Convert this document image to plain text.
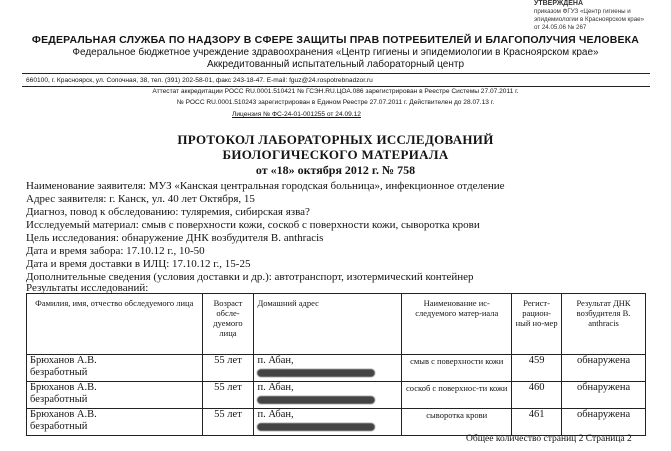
УТВЕРЖДЕНА
приказом ФГУЗ «Центр гигиены и
эпидемиологии в Красноярском крае»
от 24.05.06 № 267
ФЕДЕРАЛЬНАЯ СЛУЖБА ПО НАДЗОРУ В СФЕРЕ ЗАЩИТЫ ПРАВ ПОТРЕБИТЕЛЕЙ И БЛАГОПОЛУЧИЯ ЧЕЛОВЕКА
Федеральное бюджетное учреждение здравоохранения «Центр гигиены и эпидемиологии в Красноярском крае»
Аккредитованный испытательный лабораторный центр
660100, г. Красноярск, ул. Сопочная, 38, тел. (391) 202-58-01, факс 243-18-47. E-mail: fguz@24.rospotrebnadzor.ru
Аттестат аккредитации РОСС RU.0001.510421 № ГСЭН.RU.ЦОА.086 зарегистрирован в Реестре Системы 27.07.2011 г.
№ РОСС RU.0001.510243 зарегистрирован в Едином Реестре 27.07.2011 г. Действителен до 28.07.13 г.
Лицензия № ФС-24-01-001255 от 24.09.12
ПРОТОКОЛ ЛАБОРАТОРНЫХ ИССЛЕДОВАНИЙ
БИОЛОГИЧЕСКОГО МАТЕРИАЛА
от «18» октября 2012 г. № 758
Наименование заявителя: МУЗ «Канская центральная городская больница», инфекционное отделение
Адрес заявителя: г. Канск, ул. 40 лет Октября, 15
Диагноз, повод к обследованию: туляремия, сибирская язва?
Исследуемый материал: смыв с поверхности кожи, соскоб с поверхности кожи, сыворотка крови
Цель исследования: обнаружение ДНК возбудителя B. anthracis
Дата и время забора: 17.10.12 г., 10-50
Дата и время доставки в ИЛЦ: 17.10.12 г., 15-25
Дополнительные сведения (условия доставки и др.): автотранспорт, изотермический контейнер
Результаты исследований:
Фамилия, имя, отчество обследуемого лица	Возраст обсле-дуемого лица	Домашний адрес	Наименование ис-следуемого матер-иала	Регист-рацион-ный но-мер	Результат ДНК возбудителя B. anthracis

Брюханов А.В.
безработный	55 лет	п. Абан,	смыв с поверхности кожи	459	обнаружена

Брюханов А.В.
безработный	55 лет	п. Абан,	соскоб с поверхнос-ти кожи	460	обнаружена

Брюханов А.В.
безработный	55 лет	п. Абан,	сыворотка крови	461	обнаружена
Общее количество страниц 2 Страница 2
